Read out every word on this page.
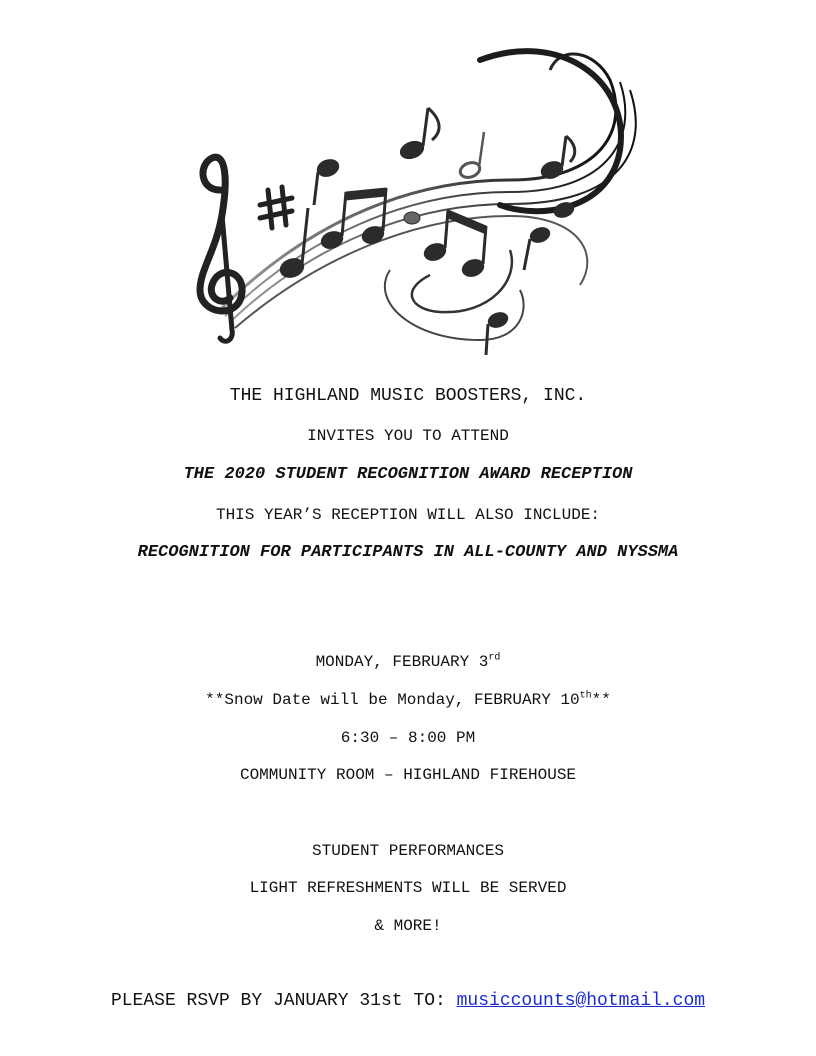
THE HIGHLAND MUSIC BOOSTERS, INC.
INVITES YOU TO ATTEND
THE 2020 STUDENT RECOGNITION AWARD RECEPTION
THIS YEAR’S RECEPTION WILL ALSO INCLUDE:
RECOGNITION FOR PARTICIPANTS IN ALL-COUNTY AND NYSSMA
MONDAY, FEBRUARY 3rd
**Snow Date will be Monday, FEBRUARY 10th**
6:30 – 8:00 PM
COMMUNITY ROOM – HIGHLAND FIREHOUSE
STUDENT PERFORMANCES
LIGHT REFRESHMENTS WILL BE SERVED
& MORE!
PLEASE RSVP BY JANUARY 31st TO: musiccounts@hotmail.com
